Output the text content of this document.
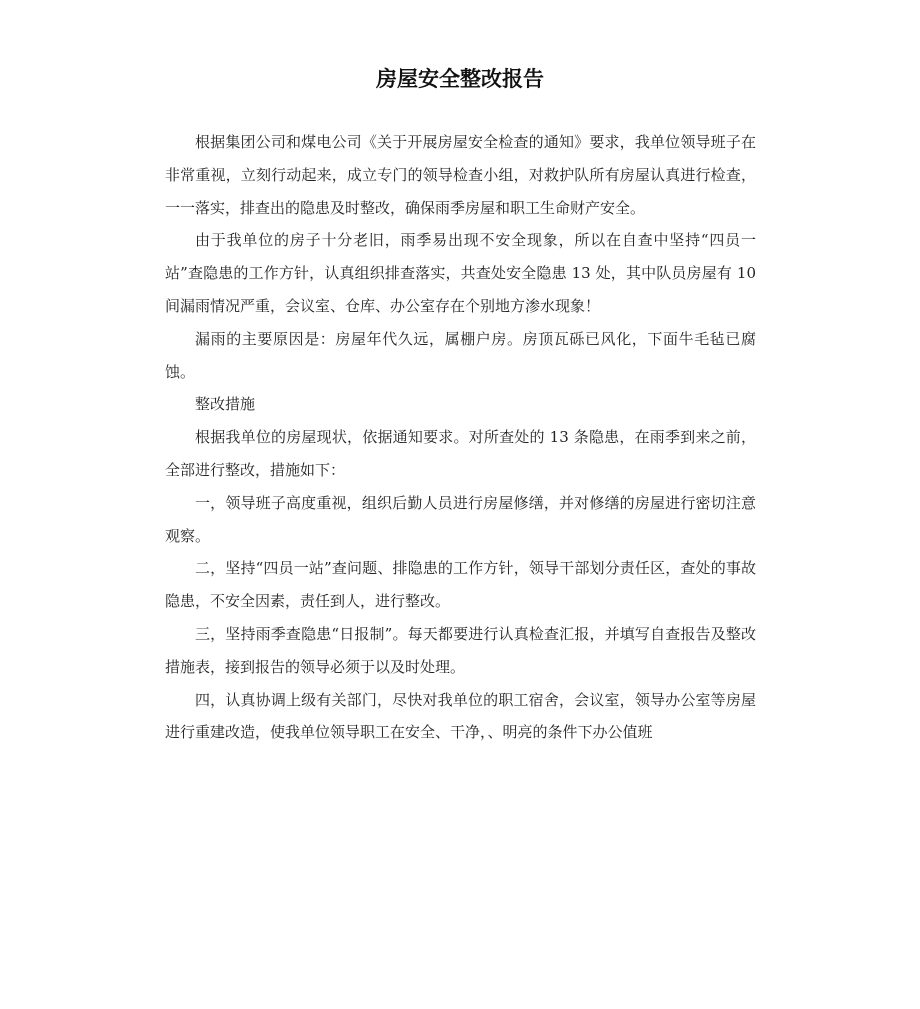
房屋安全整改报告

根据集团公司和煤电公司《关于开展房屋安全检查的通知》要求，我单位领导班子在非常重视，立刻行动起来，成立专门的领导检查小组，对救护队所有房屋认真进行检查，一一落实，排查出的隐患及时整改，确保雨季房屋和职工生命财产安全。

由于我单位的房子十分老旧，雨季易出现不安全现象，所以在自查中坚持“四员一站”查隐患的工作方针，认真组织排查落实，共查处安全隐患 13 处，其中队员房屋有 10 间漏雨情况严重，会议室、仓库、办公室存在个别地方渗水现象！

漏雨的主要原因是：房屋年代久远，属棚户房。房顶瓦砾已风化，下面牛毛毡已腐蚀。

整改措施

根据我单位的房屋现状，依据通知要求。对所查处的 13 条隐患，在雨季到来之前，全部进行整改，措施如下：

一，领导班子高度重视，组织后勤人员进行房屋修缮，并对修缮的房屋进行密切注意观察。

二，坚持“四员一站”查问题、排隐患的工作方针，领导干部划分责任区，查处的事故隐患，不安全因素，责任到人，进行整改。

三，坚持雨季查隐患“日报制”。每天都要进行认真检查汇报，并填写自查报告及整改措施表，接到报告的领导必须于以及时处理。

四，认真协调上级有关部门，尽快对我单位的职工宿舍，会议室，领导办公室等房屋进行重建改造，使我单位领导职工在安全、干净，、明亮的条件下办公值班
